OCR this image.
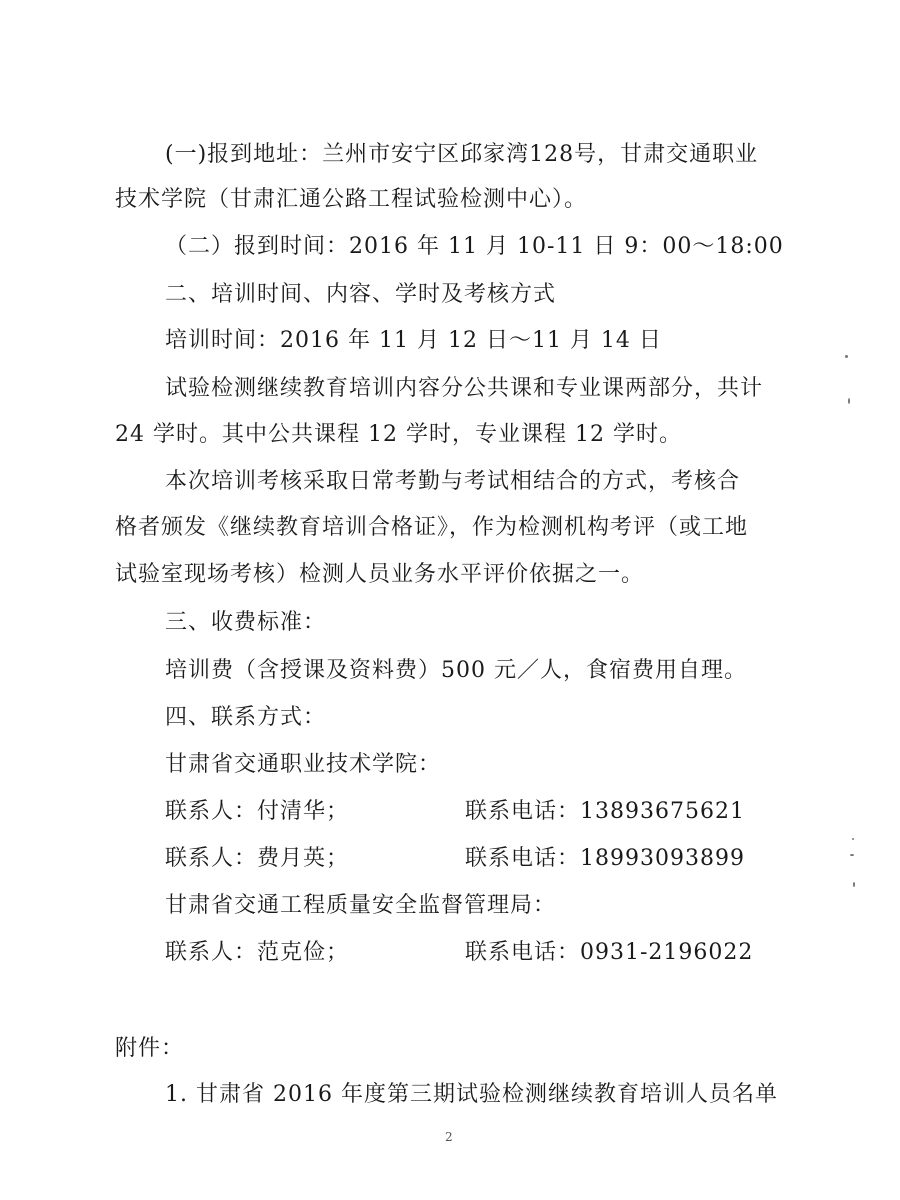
(一)报到地址：兰州市安宁区邱家湾128号，甘肃交通职业
技术学院（甘肃汇通公路工程试验检测中心）。
（二）报到时间：2016 年 11 月 10-11 日 9：00～18:00
二、培训时间、内容、学时及考核方式
培训时间：2016 年 11 月 12 日～11 月 14 日
试验检测继续教育培训内容分公共课和专业课两部分，共计
24 学时。其中公共课程 12 学时，专业课程 12 学时。
本次培训考核采取日常考勤与考试相结合的方式，考核合
格者颁发《继续教育培训合格证》，作为检测机构考评（或工地
试验室现场考核）检测人员业务水平评价依据之一。
三、收费标准：
培训费（含授课及资料费）500 元／人，食宿费用自理。
四、联系方式：
甘肃省交通职业技术学院：
联系人：付清华；	联系电话：13893675621
联系人：费月英；	联系电话：18993093899
甘肃省交通工程质量安全监督管理局：
联系人：范克俭；	联系电话：0931-2196022
附件：
1. 甘肃省 2016 年度第三期试验检测继续教育培训人员名单
2
